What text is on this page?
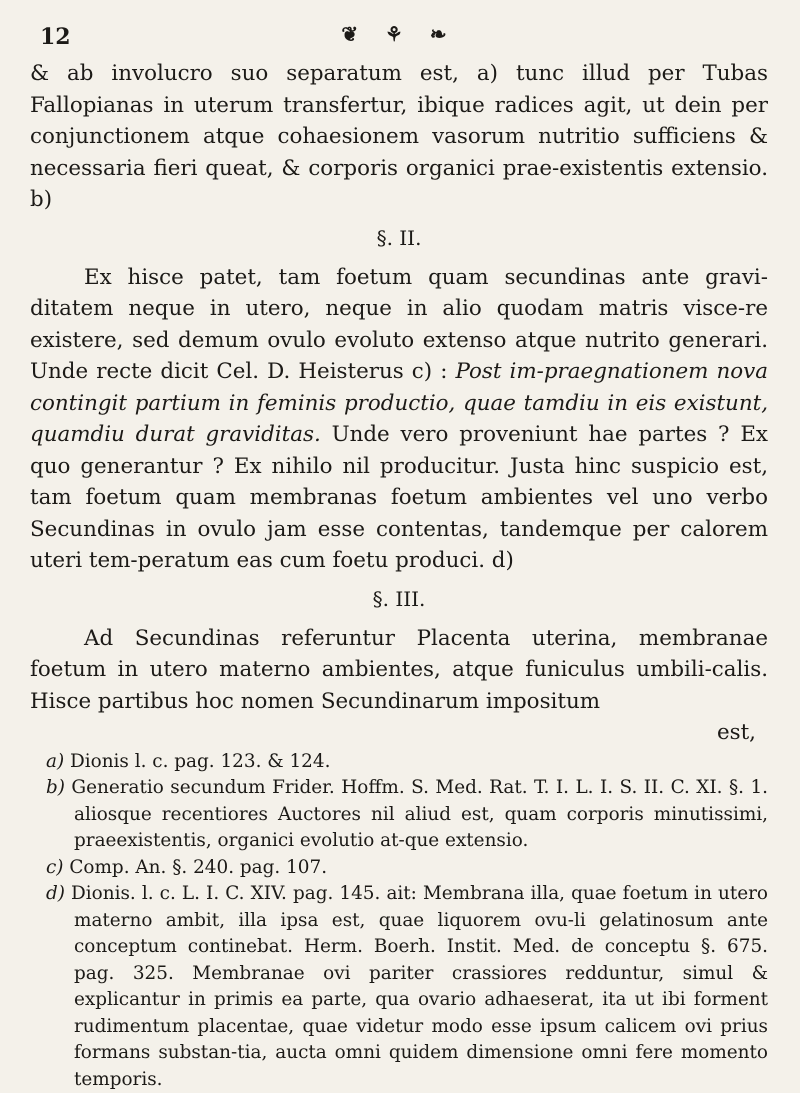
12	❦ ⚘ ❧

& ab involucro suo separatum est, a) tunc illud per Tubas Fallopianas in uterum transfertur, ibique radices agit, ut dein per conjunctionem atque cohaesionem vasorum nutritio sufficiens & necessaria fieri queat, & corporis organici prae-existentis extensio. b)

§. II.

Ex hisce patet, tam foetum quam secundinas ante gravi-ditatem neque in utero, neque in alio quodam matris visce-re existere, sed demum ovulo evoluto extenso atque nutrito generari. Unde recte dicit Cel. D. Heisterus c) : Post im-praegnationem nova contingit partium in feminis productio, quae tamdiu in eis existunt, quamdiu durat graviditas. Unde vero proveniunt hae partes ? Ex quo generantur ? Ex nihilo nil producitur. Justa hinc suspicio est, tam foetum quam membranas foetum ambientes vel uno verbo Secundinas in ovulo jam esse contentas, tandemque per calorem uteri tem-peratum eas cum foetu produci. d)

§. III.

Ad Secundinas referuntur Placenta uterina, membranae foetum in utero materno ambientes, atque funiculus umbili-calis. Hisce partibus hoc nomen Secundinarum impositum

est,

a) Dionis l. c. pag. 123. & 124.

b) Generatio secundum Frider. Hoffm. S. Med. Rat. T. I. L. I. S. II. C. XI. §. 1. aliosque recentiores Auctores nil aliud est, quam corporis minutissimi, praeexistentis, organici evolutio at-que extensio.

c) Comp. An. §. 240. pag. 107.

d) Dionis. l. c. L. I. C. XIV. pag. 145. ait: Membrana illa, quae foetum in utero materno ambit, illa ipsa est, quae liquorem ovu-li gelatinosum ante conceptum continebat. Herm. Boerh. Instit. Med. de conceptu §. 675. pag. 325. Membranae ovi pariter crassiores redduntur, simul & explicantur in primis ea parte, qua ovario adhaeserat, ita ut ibi forment rudimentum placentae, quae videtur modo esse ipsum calicem ovi prius formans substan-tia, aucta omni quidem dimensione omni fere momento temporis.
